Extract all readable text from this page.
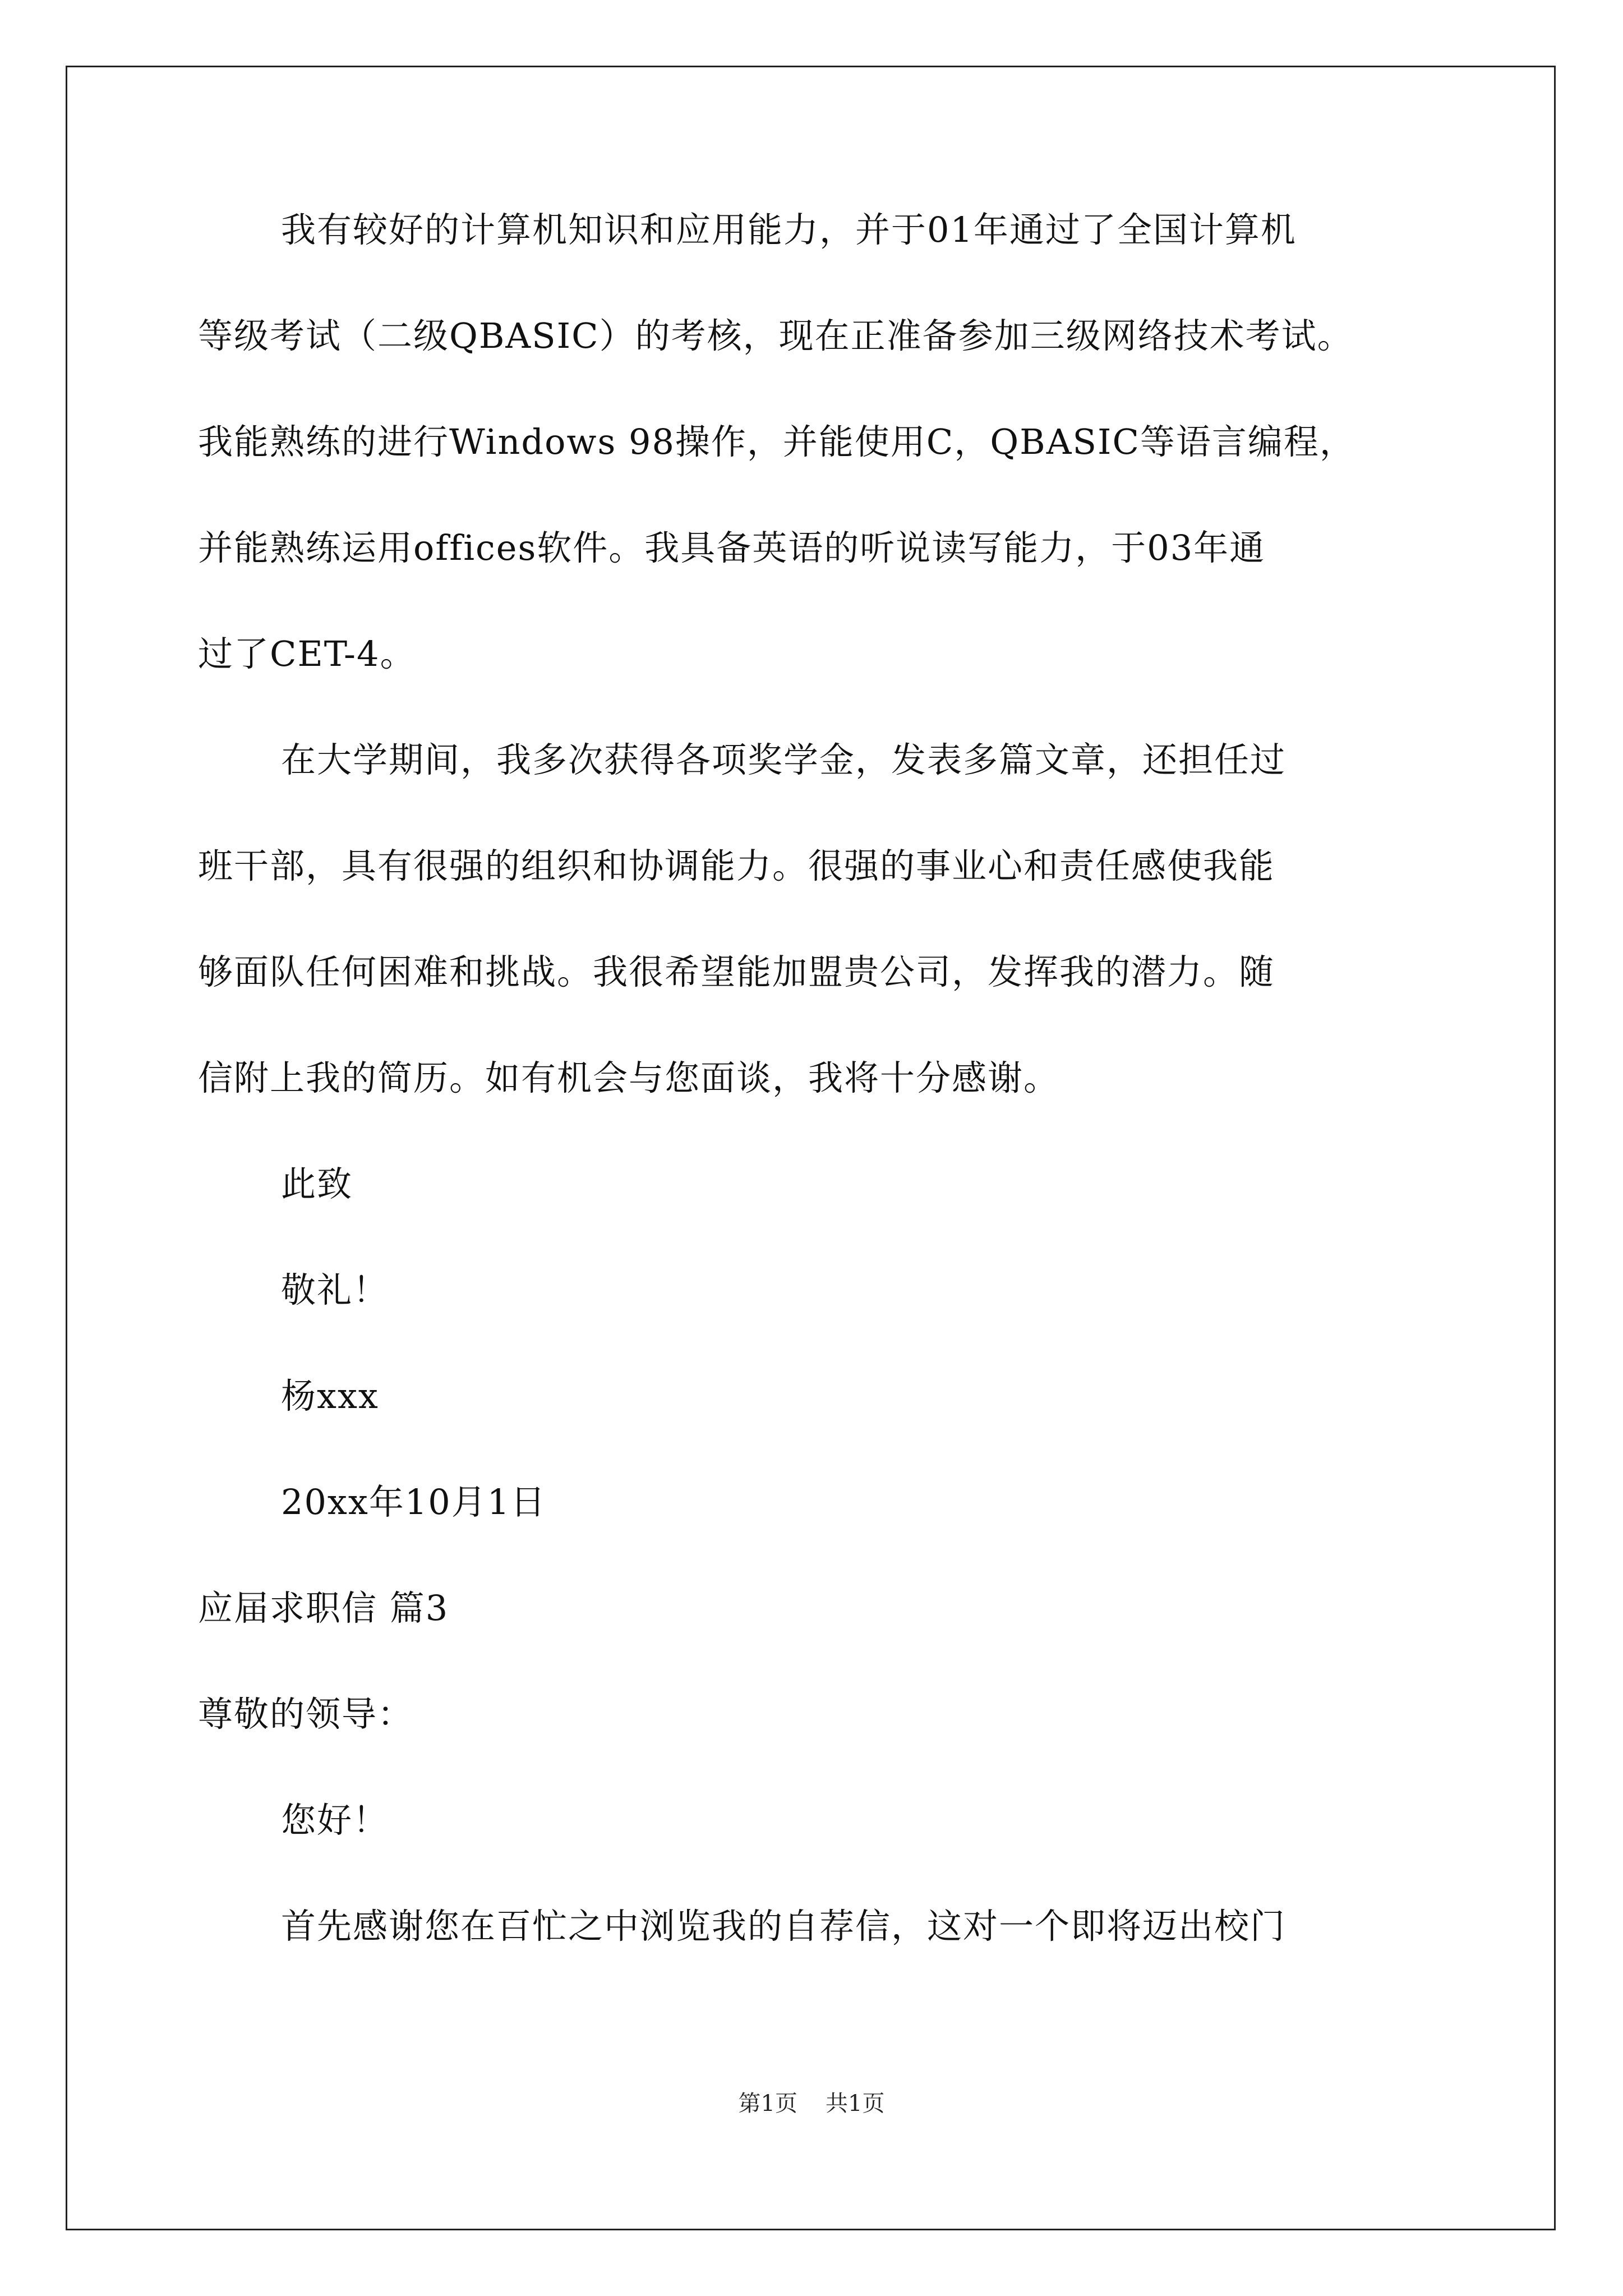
我有较好的计算机知识和应用能力，并于01年通过了全国计算机
等级考试（二级QBASIC）的考核，现在正准备参加三级网络技术考试。
我能熟练的进行Windows 98操作，并能使用C，QBASIC等语言编程，
并能熟练运用offices软件。我具备英语的听说读写能力，于03年通
过了CET-4。
在大学期间，我多次获得各项奖学金，发表多篇文章，还担任过
班干部，具有很强的组织和协调能力。很强的事业心和责任感使我能
够面队任何困难和挑战。我很希望能加盟贵公司，发挥我的潜力。随
信附上我的简历。如有机会与您面谈，我将十分感谢。
此致
敬礼！
杨xxx
20xx年10月1日
应届求职信 篇3
尊敬的领导：
您好！
首先感谢您在百忙之中浏览我的自荐信，这对一个即将迈出校门
第1页 共1页
